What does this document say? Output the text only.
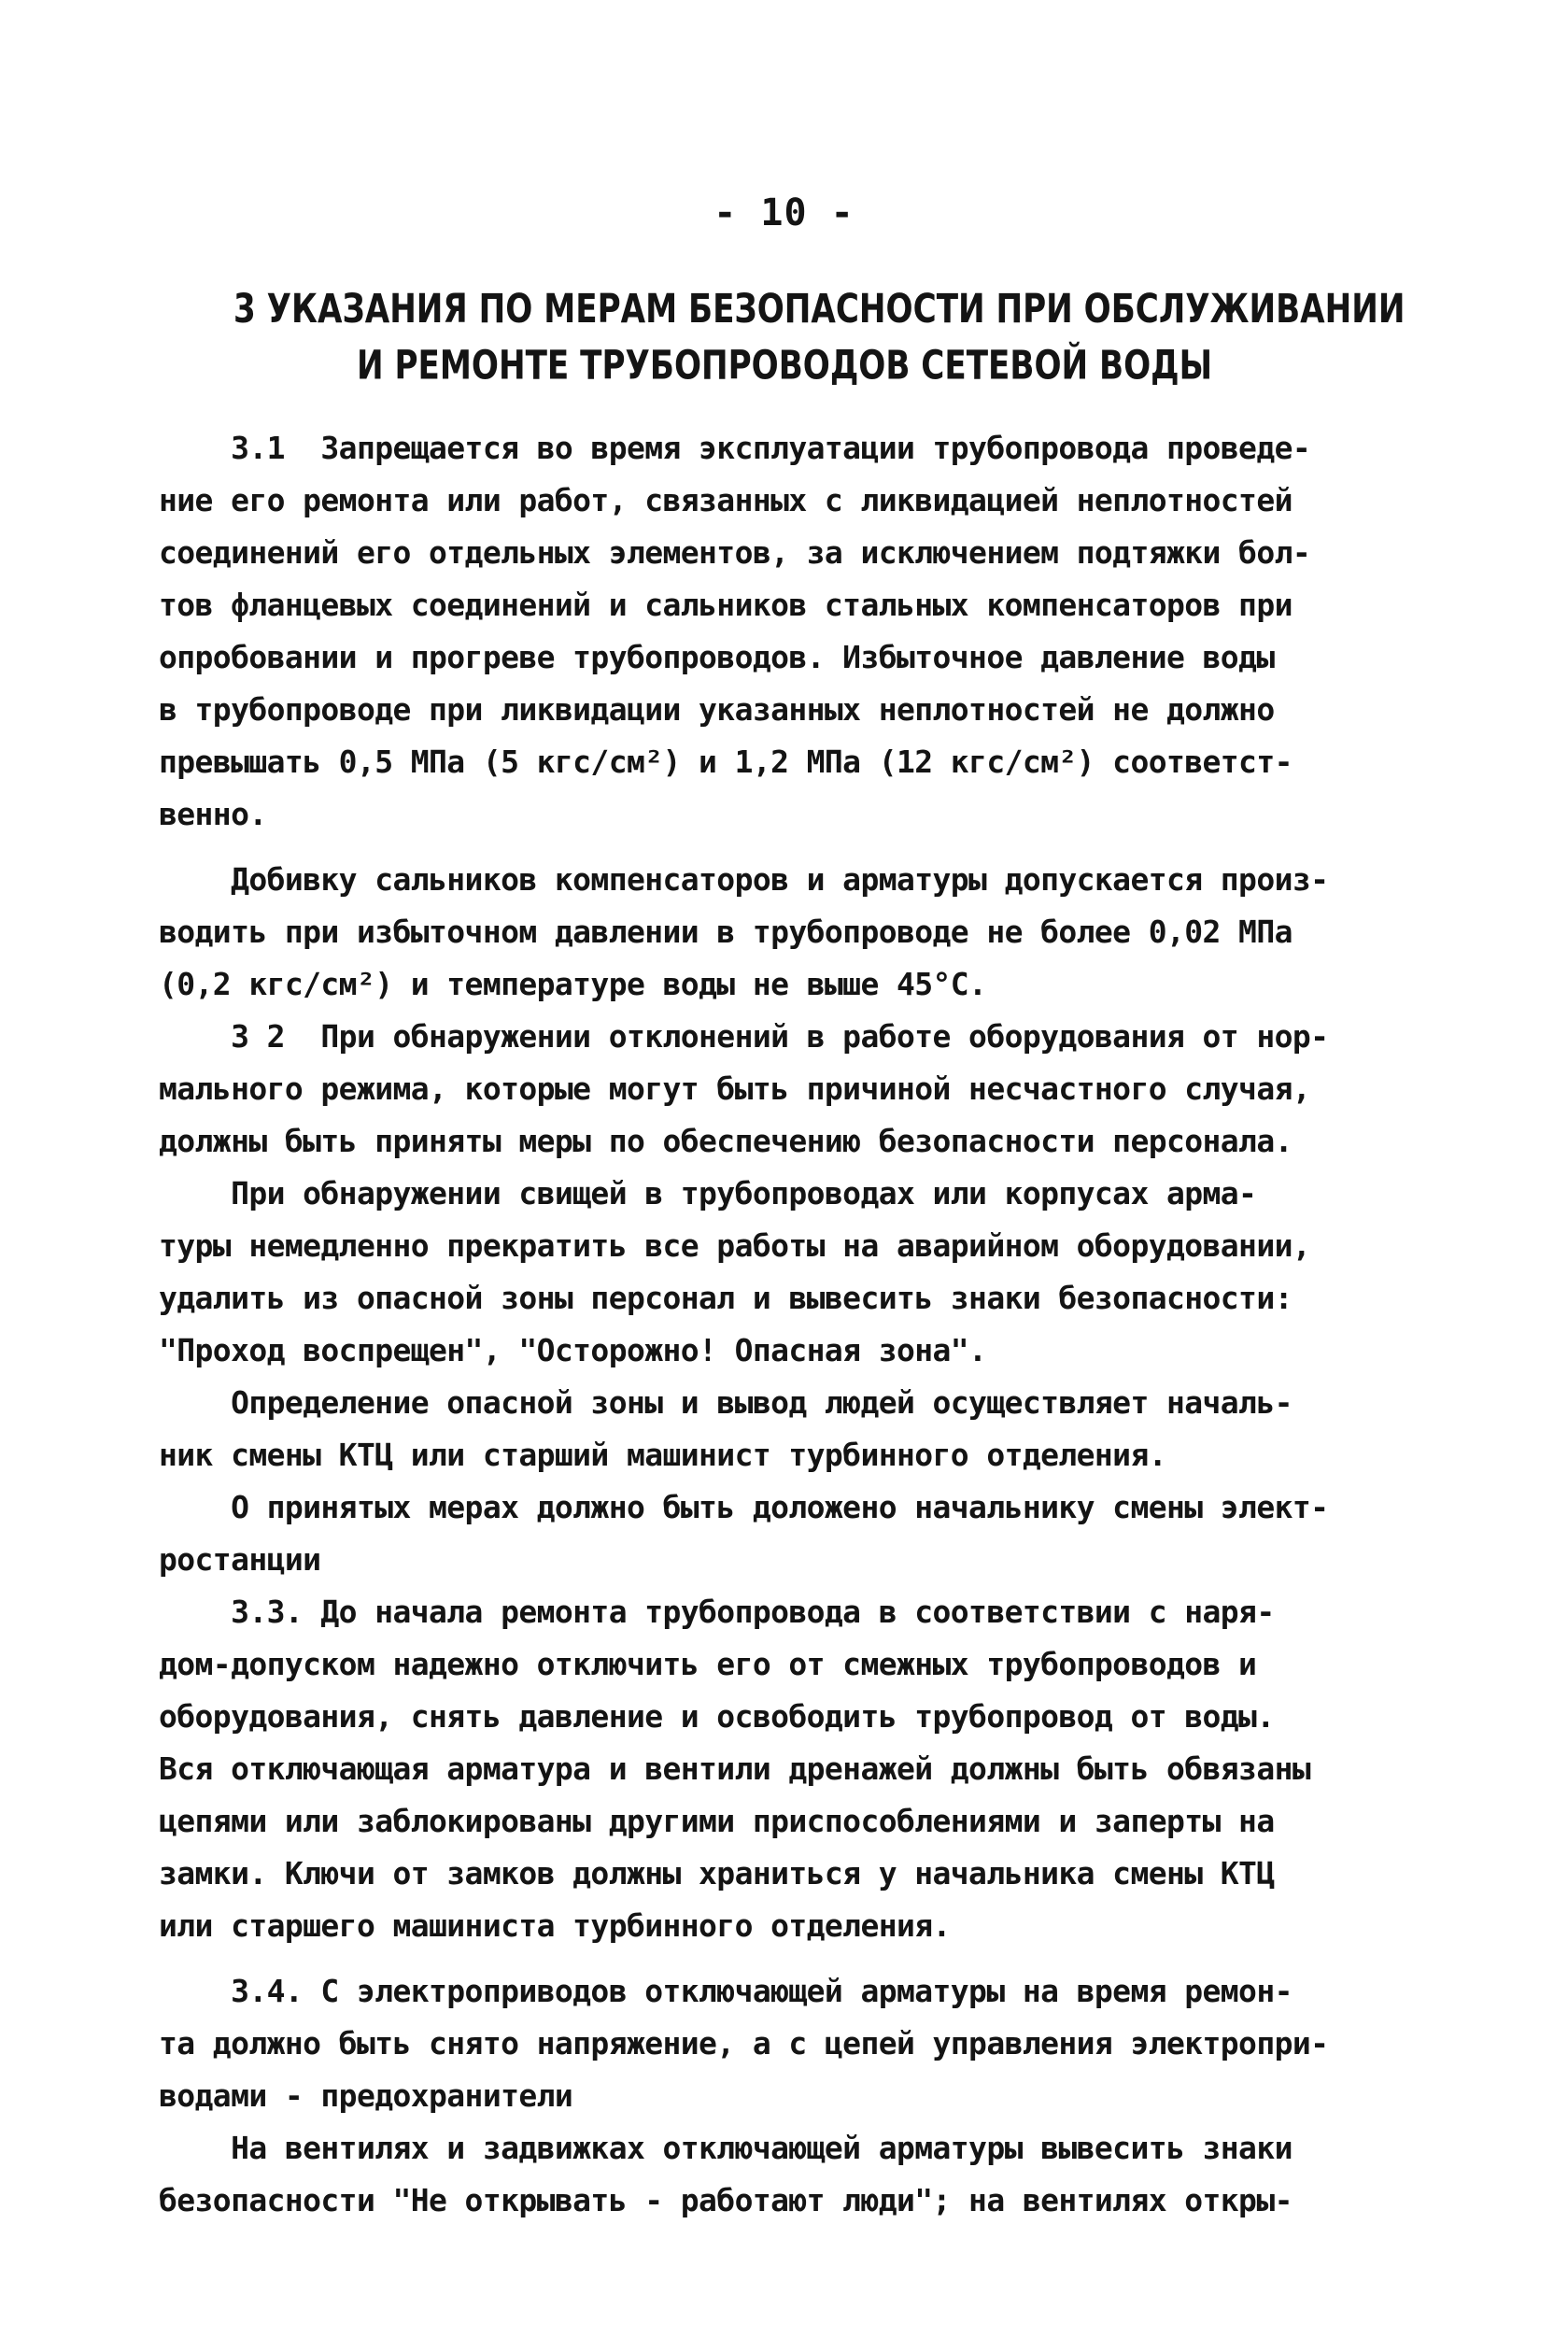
- 10 -
3 УКАЗАНИЯ ПО МЕРАМ БЕЗОПАСНОСТИ ПРИ ОБСЛУЖИВАНИИ
И РЕМОНТЕ ТРУБОПРОВОДОВ СЕТЕВОЙ ВОДЫ
3.1  Запрещается во время эксплуатации трубопровода проведе-
ние его ремонта или работ, связанных с ликвидацией неплотностей
соединений его отдельных элементов, за исключением подтяжки бол-
тов фланцевых соединений и сальников стальных компенсаторов при
опробовании и прогреве трубопроводов. Избыточное давление воды
в трубопроводе при ликвидации указанных неплотностей не должно
превышать 0,5 МПа (5 кгс/см²) и 1,2 МПа (12 кгс/см²) соответст-
венно.
Добивку сальников компенсаторов и арматуры допускается произ-
водить при избыточном давлении в трубопроводе не более 0,02 МПа
(0,2 кгс/см²) и температуре воды не выше 45°С.
3 2  При обнаружении отклонений в работе оборудования от нор-
мального режима, которые могут быть причиной несчастного случая,
должны быть приняты меры по обеспечению безопасности персонала.
При обнаружении свищей в трубопроводах или корпусах арма-
туры немедленно прекратить все работы на аварийном оборудовании,
удалить из опасной зоны персонал и вывесить знаки безопасности:
"Проход воспрещен", "Осторожно! Опасная зона".
Определение опасной зоны и вывод людей осуществляет началь-
ник смены КТЦ или старший машинист турбинного отделения.
О принятых мерах должно быть доложено начальнику смены элект-
ростанции
3.3. До начала ремонта трубопровода в соответствии с наря-
дом-допуском надежно отключить его от смежных трубопроводов и
оборудования, снять давление и освободить трубопровод от воды.
Вся отключающая арматура и вентили дренажей должны быть обвязаны
цепями или заблокированы другими приспособлениями и заперты на
замки. Ключи от замков должны храниться у начальника смены КТЦ
или старшего машиниста турбинного отделения.
3.4. С электроприводов отключающей арматуры на время ремон-
та должно быть снято напряжение, а с цепей управления электропри-
водами - предохранители
На вентилях и задвижках отключающей арматуры вывесить знаки
безопасности "Не открывать - работают люди"; на вентилях откры-
